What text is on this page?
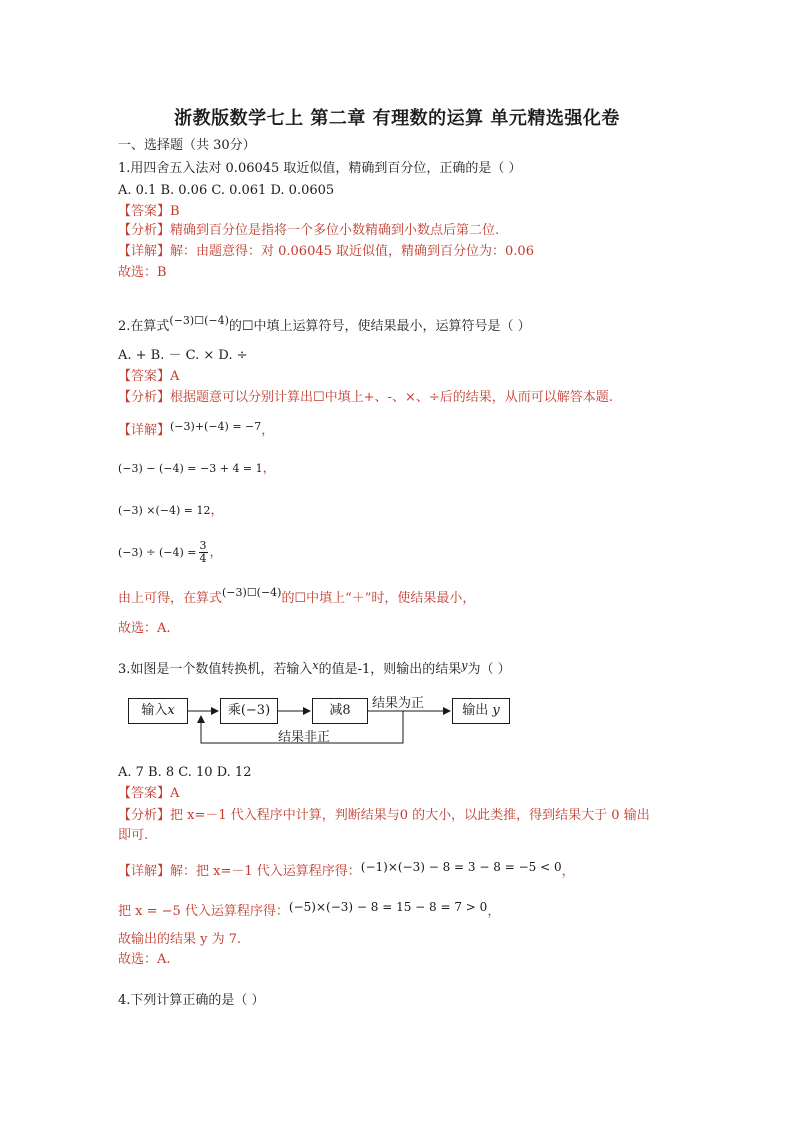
浙教版数学七上 第二章 有理数的运算 单元精选强化卷
一、选择题（共 30分）
1.用四舍五入法对 0.06045 取近似值，精确到百分位，正确的是（ ）
A. 0.1 B. 0.06 C. 0.061 D. 0.0605
【答案】B
【分析】精确到百分位是指将一个多位小数精确到小数点后第二位.
【详解】解：由题意得：对 0.06045 取近似值，精确到百分位为：0.06
故选：B
2.在算式$^{(-3)☐(-4)}$的☐中填上运算符号，使结果最小，运算符号是（ ）
A. + B. － C. × D. ÷
【答案】A
【分析】根据题意可以分别计算出☐中填上+、-、×、÷后的结果，从而可以解答本题.
【详解】$^{(-3)+(-4) = -7}$，
(−3) − (−4) = −3 + 4 = 1，
(−3) ×(−4) = 12，
$(-3) \div (-4) = \frac{3}{4}$ ，
由上可得，在算式$^{(-3)☐(-4)}$的☐中填上“＋”时，使结果最小，
故选：A.
3.如图是一个数值转换机，若输入$^x$的值是-1，则输出的结果$^y$为（ ）
输入x	乘(−3)	减8	输出 y
结果为正
结果非正
A. 7 B. 8 C. 10 D. 12
【答案】A
【分析】把 x=－1 代入程序中计算，判断结果与0 的大小，以此类推，得到结果大于 0 输出
即可.
【详解】解：把 x=－1 代入运算程序得：(−1)×(−3) − 8 = 3 − 8 = −5 < 0，
把 x = −5 代入运算程序得：(−5)×(−3) − 8 = 15 − 8 = 7 > 0，
故输出的结果 y 为 7.
故选：A.
4.下列计算正确的是（ ）
